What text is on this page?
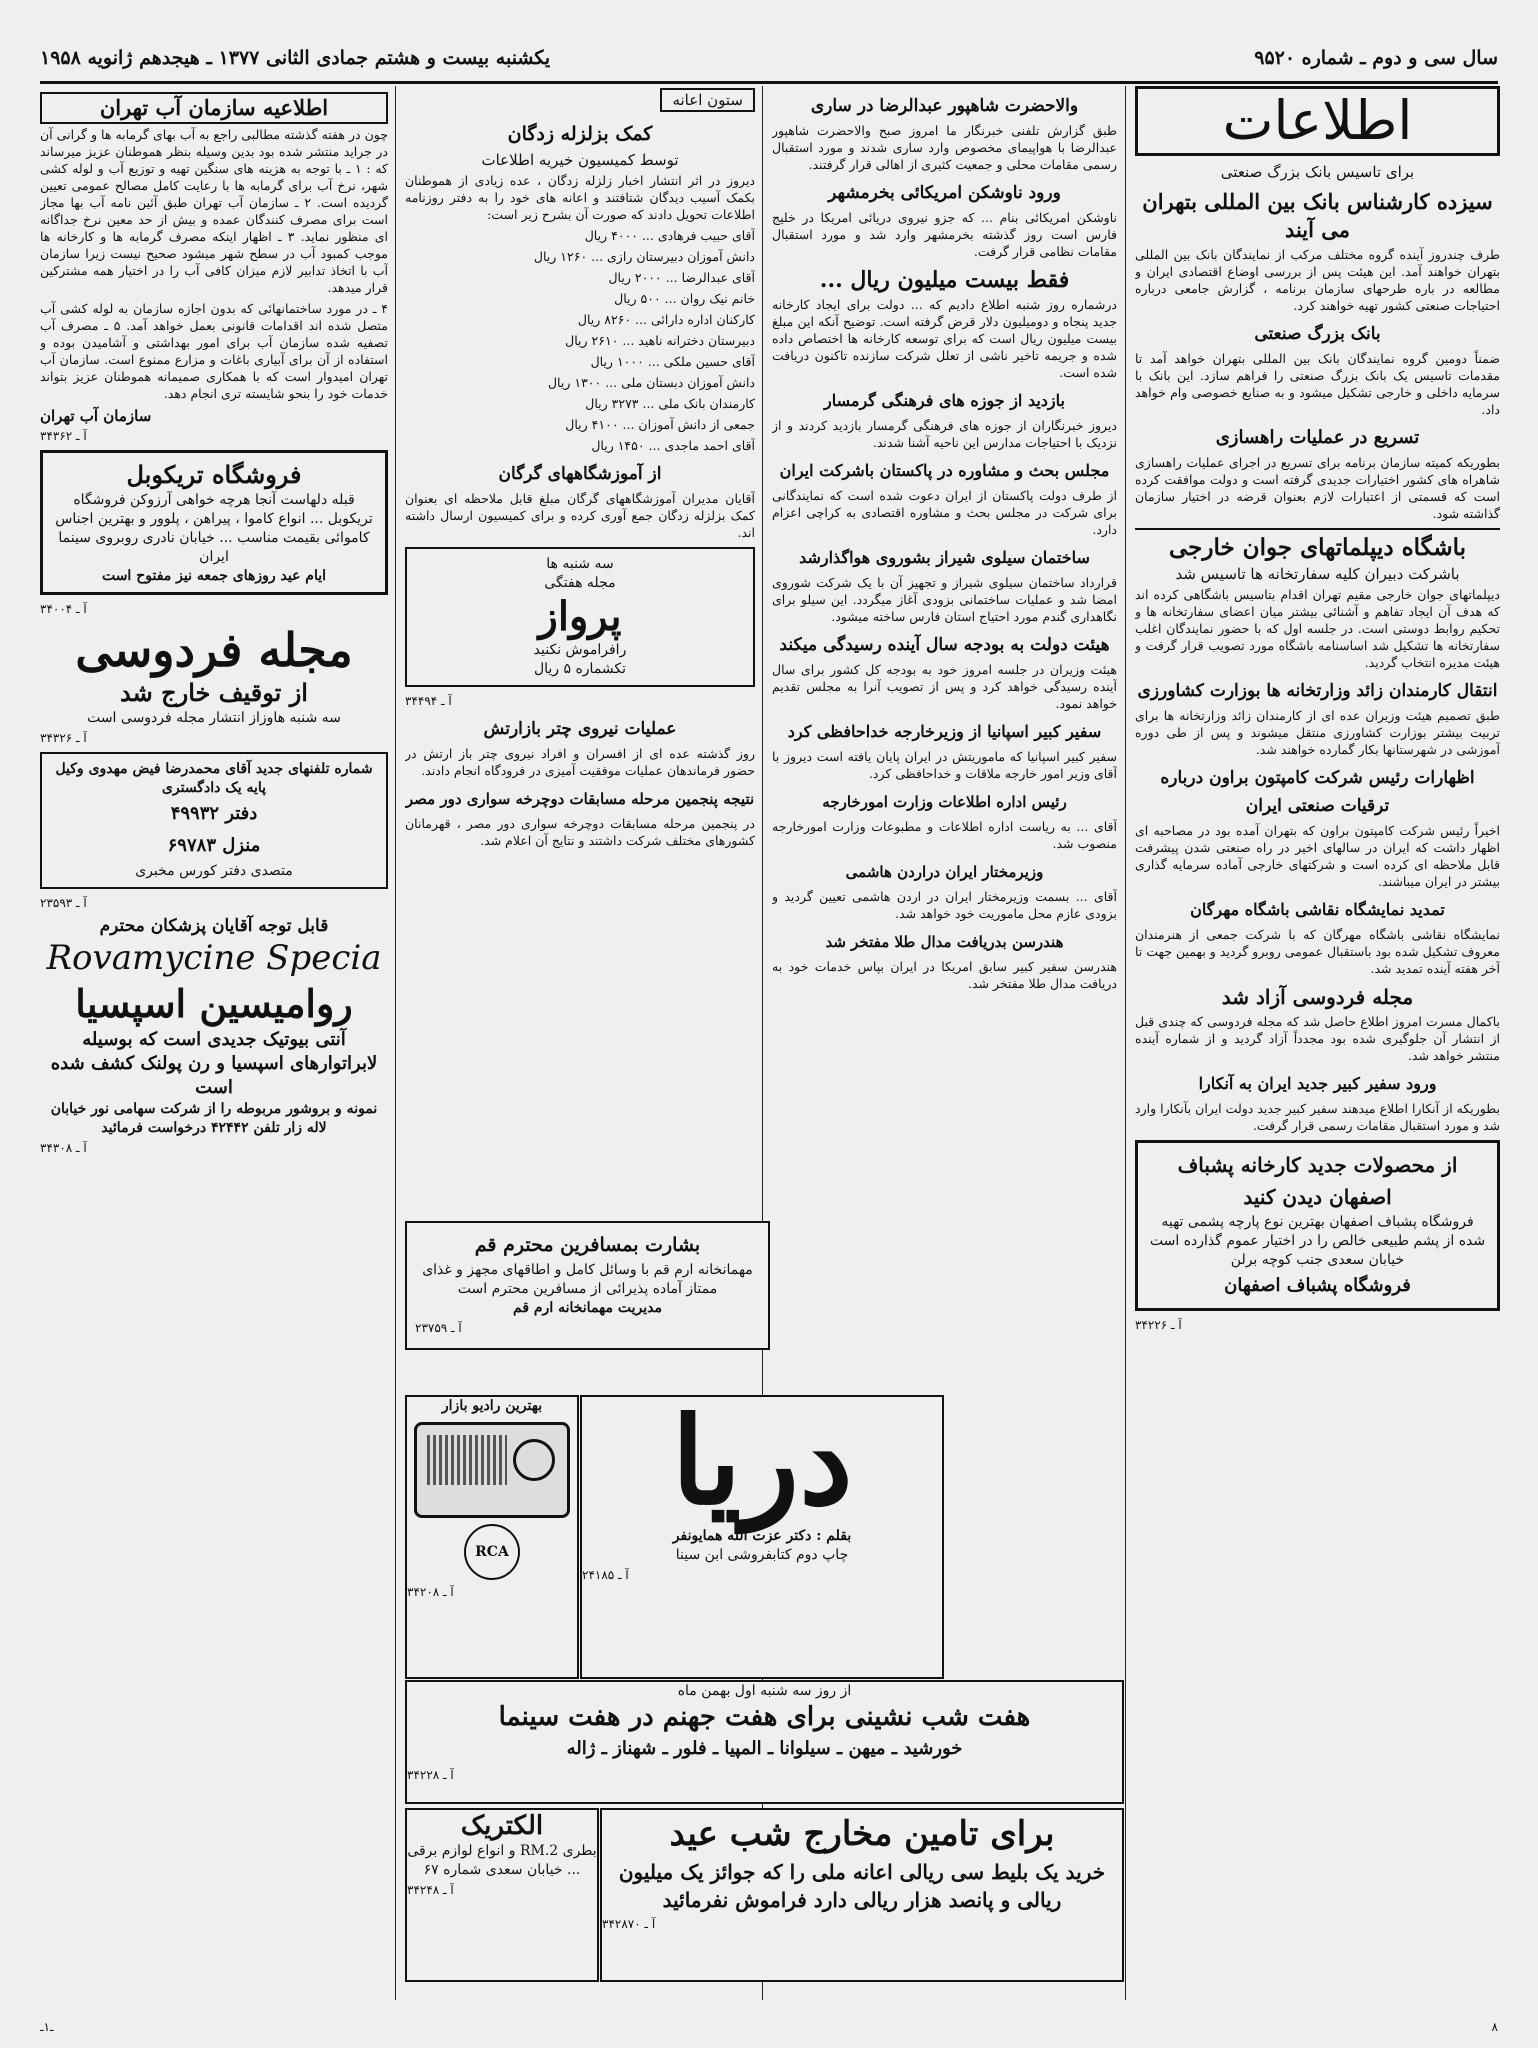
سال سی و دوم ـ شماره ۹۵۲۰
یکشنبه بیست و هشتم جمادی الثانی ۱۳۷۷ ـ هیجدهم ژانویه ۱۹۵۸
اطلاعات
برای تاسیس بانک بزرگ صنعتی
سیزده کارشناس بانک بین المللی بتهران می آیند

طرف چندروز آینده گروه مختلف مرکب از نمایندگان بانک بین المللی بتهران خواهند آمد. این هیئت پس از بررسی اوضاع اقتصادی ایران و مطالعه در باره طرحهای سازمان برنامه ، گزارش جامعی درباره احتیاجات صنعتی کشور تهیه خواهند کرد.

بانک بزرگ صنعتی

ضمناً دومین گروه نمایندگان بانک بین المللی بتهران خواهد آمد تا مقدمات تاسیس یک بانک بزرگ صنعتی را فراهم سازد. این بانک با سرمایه داخلی و خارجی تشکیل میشود و به صنایع خصوصی وام خواهد داد.

تسریع در عملیات راهسازی

بطوریکه کمیته سازمان برنامه برای تسریع در اجرای عملیات راهسازی شاهراه های کشور اختیارات جدیدی گرفته است و دولت موافقت کرده است که قسمتی از اعتبارات لازم بعنوان قرضه در اختیار سازمان گذاشته شود.

باشگاه دیپلماتهای جوان خارجی
باشرکت دبیران کلیه سفارتخانه ها تاسیس شد

دیپلماتهای جوان خارجی مقیم تهران اقدام بتاسیس باشگاهی کرده اند که هدف آن ایجاد تفاهم و آشنائی بیشتر میان اعضای سفارتخانه ها و تحکیم روابط دوستی است. در جلسه اول که با حضور نمایندگان اغلب سفارتخانه ها تشکیل شد اساسنامه باشگاه مورد تصویب قرار گرفت و هیئت مدیره انتخاب گردید.

انتقال کارمندان زائد وزارتخانه ها بوزارت کشاورزی

طبق تصمیم هیئت وزیران عده ای از کارمندان زائد وزارتخانه ها برای تربیت بیشتر بوزارت کشاورزی منتقل میشوند و پس از طی دوره آموزشی در شهرستانها بکار گمارده خواهند شد.

اظهارات رئیس شرکت کامپتون براون درباره ترقیات صنعتی ایران

اخیراً رئیس شرکت کامپتون براون که بتهران آمده بود در مصاحبه ای اظهار داشت که ایران در سالهای اخیر در راه صنعتی شدن پیشرفت قابل ملاحظه ای کرده است و شرکتهای خارجی آماده سرمایه گذاری بیشتر در ایران میباشند.

تمدید نمایشگاه نقاشی باشگاه مهرگان

نمایشگاه نقاشی باشگاه مهرگان که با شرکت جمعی از هنرمندان معروف تشکیل شده بود باستقبال عمومی روبرو گردید و بهمین جهت تا آخر هفته آینده تمدید شد.

مجله فردوسی آزاد شد

باکمال مسرت امروز اطلاع حاصل شد که مجله فردوسی که چندی قبل از انتشار آن جلوگیری شده بود مجدداً آزاد گردید و از شماره آینده منتشر خواهد شد.

ورود سفیر کبیر جدید ایران به آنکارا

بطوریکه از آنکارا اطلاع میدهند سفیر کبیر جدید دولت ایران بآنکارا وارد شد و مورد استقبال مقامات رسمی قرار گرفت.

از محصولات جدید کارخانه پشباف اصفهان دیدن کنید
فروشگاه پشباف اصفهان بهترین نوع پارچه پشمی تهیه شده از پشم طبیعی خالص را در اختیار عموم گذارده است خیابان سعدی جنب کوچه برلن
فروشگاه پشباف اصفهان
آ ـ ۳۴۲۲۶
والاحضرت شاهپور عبدالرضا در ساری

طبق گزارش تلفنی خبرنگار ما امروز صبح والاحضرت شاهپور عبدالرضا با هواپیمای مخصوص وارد ساری شدند و مورد استقبال رسمی مقامات محلی و جمعیت کثیری از اهالی قرار گرفتند.

ورود ناوشکن امریکائی بخرمشهر

ناوشکن امریکائی بنام ... که جزو نیروی دریائی امریکا در خلیج فارس است روز گذشته بخرمشهر وارد شد و مورد استقبال مقامات نظامی قرار گرفت.

فقط بیست میلیون ریال ...

درشماره روز شنبه اطلاع دادیم که ... دولت برای ایجاد کارخانه جدید پنجاه و دومیلیون دلار قرض گرفته است. توضیح آنکه این مبلغ بیست میلیون ریال است که برای توسعه کارخانه ها اختصاص داده شده و جریمه تاخیر ناشی از تعلل شرکت سازنده تاکنون دریافت شده است.

بازدید از جوزه های فرهنگی گرمسار

دیروز خبرنگاران از جوزه های فرهنگی گرمسار بازدید کردند و از نزدیک با احتیاجات مدارس این ناحیه آشنا شدند.

مجلس بحث و مشاوره در پاکستان باشرکت ایران

از طرف دولت پاکستان از ایران دعوت شده است که نمایندگانی برای شرکت در مجلس بحث و مشاوره اقتصادی به کراچی اعزام دارد.

ساختمان سیلوی شیراز بشوروی هواگذارشد

قرارداد ساختمان سیلوی شیراز و تجهیز آن با یک شرکت شوروی امضا شد و عملیات ساختمانی بزودی آغاز میگردد. این سیلو برای نگاهداری گندم مورد احتیاج استان فارس ساخته میشود.

هیئت دولت به بودجه سال آینده رسیدگی میکند

هیئت وزیران در جلسه امروز خود به بودجه کل کشور برای سال آینده رسیدگی خواهد کرد و پس از تصویب آنرا به مجلس تقدیم خواهد نمود.

سفیر کبیر اسپانیا از وزیرخارجه خداحافظی کرد

سفیر کبیر اسپانیا که ماموریتش در ایران پایان یافته است دیروز با آقای وزیر امور خارجه ملاقات و خداحافظی کرد.

رئیس اداره اطلاعات وزارت امورخارجه

آقای ... به ریاست اداره اطلاعات و مطبوعات وزارت امورخارجه منصوب شد.

وزیرمختار ایران دراردن هاشمی

آقای ... بسمت وزیرمختار ایران در اردن هاشمی تعیین گردید و بزودی عازم محل ماموریت خود خواهد شد.

هندرسن بدریافت مدال طلا مفتخر شد

هندرسن سفیر کبیر سابق امریکا در ایران بپاس خدمات خود به دریافت مدال طلا مفتخر شد.

ستون اعانه
کمک بزلزله زدگان
توسط کمیسیون خیریه اطلاعات

دیروز در اثر انتشار اخبار زلزله زدگان ، عده زیادی از هموطنان بکمک آسیب دیدگان شتافتند و اعانه های خود را به دفتر روزنامه اطلاعات تحویل دادند که صورت آن بشرح زیر است:

آقای حبیب فرهادی ... ۴۰۰۰ ریال

دانش آموزان دبیرستان رازی ... ۱۲۶۰ ریال

آقای عبدالرضا ... ۲۰۰۰ ریال

خانم نیک روان ... ۵۰۰ ریال

کارکنان اداره دارائی ... ۸۲۶۰ ریال

دبیرستان دخترانه ناهید ... ۲۶۱۰ ریال

آقای حسین ملکی ... ۱۰۰۰ ریال

دانش آموزان دبستان ملی ... ۱۳۰۰ ریال

کارمندان بانک ملی ... ۳۲۷۳ ریال

جمعی از دانش آموزان ... ۴۱۰۰ ریال

آقای احمد ماجدی ... ۱۴۵۰ ریال

از آموزشگاههای گرگان

آقایان مدیران آموزشگاههای گرگان مبلغ قابل ملاحظه ای بعنوان کمک بزلزله زدگان جمع آوری کرده و برای کمیسیون ارسال داشته اند.

سه شنبه ها
مجله هفتگی
پرواز
رافراموش نکنید
تکشماره ۵ ریال
آ ـ ۳۴۴۹۴
عملیات نیروی چتر بازارتش

روز گذشته عده ای از افسران و افراد نیروی چتر باز ارتش در حضور فرماندهان عملیات موفقیت آمیزی در فرودگاه انجام دادند.

نتیجه پنجمین مرحله مسابقات دوچرخه سواری دور مصر

در پنجمین مرحله مسابقات دوچرخه سواری دور مصر ، قهرمانان کشورهای مختلف شرکت داشتند و نتایج آن اعلام شد.

اطلاعیه سازمان آب تهران

چون در هفته گذشته مطالبی راجع به آب بهای گرمابه ها و گرانی آن در جراید منتشر شده بود بدین وسیله بنظر هموطنان عزیز میرساند که : ۱ ـ با توجه به هزینه های سنگین تهیه و توزیع آب و لوله کشی شهر، نرخ آب برای گرمابه ها با رعایت کامل مصالح عمومی تعیین گردیده است. ۲ ـ سازمان آب تهران طبق آئین نامه آب بها مجاز است برای مصرف کنندگان عمده و بیش از حد معین نرخ جداگانه ای منظور نماید. ۳ ـ اظهار اینکه مصرف گرمابه ها و کارخانه ها موجب کمبود آب در سطح شهر میشود صحیح نیست زیرا سازمان آب با اتخاذ تدابیر لازم میزان کافی آب را در اختیار همه مشترکین قرار میدهد.

۴ ـ در مورد ساختمانهائی که بدون اجازه سازمان به لوله کشی آب متصل شده اند اقدامات قانونی بعمل خواهد آمد. ۵ ـ مصرف آب تصفیه شده سازمان آب برای امور بهداشتی و آشامیدن بوده و استفاده از آن برای آبیاری باغات و مزارع ممنوع است. سازمان آب تهران امیدوار است که با همکاری صمیمانه هموطنان عزیز بتواند خدمات خود را بنحو شایسته تری انجام دهد.

سازمان آب تهران
آ ـ ۳۴۳۶۲
فروشگاه تریکوبل
قبله دلهاست آنجا هرچه خواهی آرزوکن فروشگاه تریکوبل ... انواع کاموا ، پیراهن ، پلوور و بهترین اجناس کاموائی بقیمت مناسب ... خیابان نادری روبروی سینما ایران
ایام عید روزهای جمعه نیز مفتوح است
آ ـ ۳۴۰۰۴
مجله فردوسی
از توقیف خارج شد
سه شنبه هاوزاز انتشار مجله فردوسی است
آ ـ ۳۴۳۲۶
شماره تلفنهای جدید آقای محمدرضا فیض مهدوی وکیل پایه یک دادگستری
دفتر ۴۹۹۳۲
منزل ۶۹۷۸۳
متصدی دفتر کورس مخبری
آ ـ ۲۳۵۹۳
قابل توجه آقایان پزشکان محترم
Rovamycine Specia
روامیسین اسپسیا
آنتی بیوتیک جدیدی است که بوسیله لابراتوارهای اسپسیا و رن پولنک کشف شده است
نمونه و بروشور مربوطه را از شرکت سهامی نور خیابان لاله زار تلفن ۴۲۴۴۲ درخواست فرمائید
آ ـ ۳۴۳۰۸
بشارت بمسافرین محترم قم
مهمانخانه ارم قم با وسائل کامل و اطاقهای مجهز و غذای ممتاز آماده پذیرائی از مسافرین محترم است
مدیریت مهمانخانه ارم قم
آ ـ ۲۳۷۵۹
دریا
بقلم : دکتر عزت الله همایونفر
چاپ دوم کتابفروشی ابن سینا
آ ـ ۲۴۱۸۵
بهترین رادیو بازار
RCA
آ ـ ۳۴۲۰۸
از روز سه شنبه اول بهمن ماه
هفت شب نشینی برای هفت جهنم در هفت سینما
خورشید ـ میهن ـ سیلوانا ـ المپیا ـ فلور ـ شهناز ـ ژاله
آ ـ ۳۴۲۲۸
برای تامین مخارج شب عید
خرید یک بلیط سی ریالی اعانه ملی را که جوائز یک میلیون ریالی و پانصد هزار ریالی دارد فراموش نفرمائید
آ ـ ۳۴۲۸۷۰
الکتریک
بطری RM.2 و انواع لوازم برقی ... خیابان سعدی شماره ۶۷
آ ـ ۳۴۲۴۸
۸
ـ۱ـ
